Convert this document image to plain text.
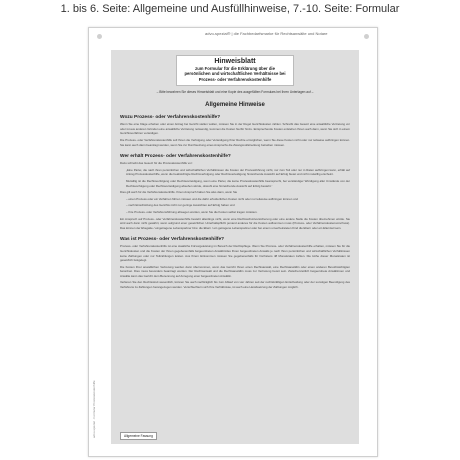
1. bis 6. Seite: Allgemeine und Ausfüllhinweise, 7.-10. Seite: Formular
advo-spezial® | die Fachbedarfsmarke für Rechtsanwälte und Notare
advo-spezial · Formular Prozesskostenhilfe
Hinweisblatt
zum Formular für die Erklärung über die
persönlichen und wirtschaftlichen Verhältnisse bei
Prozess- oder Verfahrenskostenhilfe
– Bitte bewahren Sie dieses Hinweisblatt und eine Kopie des ausgefüllten Formulars bei Ihren Unterlagen auf –
Allgemeine Hinweise
Wozu Prozess- oder Verfahrenskostenhilfe?

Wenn Sie eine Klage erheben oder einen Antrag bei Gericht stellen wollen, müssen Sie in der Regel Gerichtskosten zahlen. Schreibt das Gesetz eine anwaltliche Vertretung vor oder ist aus anderen Gründen eine anwaltliche Vertretung notwendig, kommen die Kosten hierfür hinzu. Entsprechende Kosten entstehen Ihnen auch dann, wenn Sie sich in einem Gerichtsverfahren verteidigen.

Die Prozess- oder Verfahrenskostenhilfe soll Ihnen die Verfolgung oder Verteidigung Ihrer Rechte ermöglichen, wenn Sie diese Kosten nicht oder nur teilweise aufbringen können. Sie kann auch dann beantragt werden, wenn Sie zur Durchsetzung eines Anspruchs die Zwangsvollstreckung betreiben müssen.

Wer erhält Prozess- oder Verfahrenskostenhilfe?

Dazu schreibt das Gesetz für die Prozesskostenhilfe vor:

„Eine Partei, die nach ihren persönlichen und wirtschaftlichen Verhältnissen die Kosten der Prozessführung nicht, nur zum Teil oder nur in Raten aufbringen kann, erhält auf Antrag Prozesskostenhilfe, wenn die beabsichtigte Rechtsverfolgung oder Rechtsverteidigung hinreichende Aussicht auf Erfolg bietet und nicht mutwillig erscheint.

Mutwillig ist die Rechtsverfolgung oder Rechtsverteidigung, wenn eine Partei, die keine Prozesskostenhilfe beansprucht, bei verständiger Würdigung aller Umstände von der Rechtsverfolgung oder Rechtsverteidigung absehen würde, obwohl eine hinreichende Aussicht auf Erfolg besteht.“

Dies gilt auch für die Verfahrenskostenhilfe. Ihnen Anspruch haben Sie also dann, wenn Sie

– einen Prozess oder ein Verfahren führen müssen und die dafür erforderlichen Kosten nicht oder nur teilweise aufbringen können und

– nach Einschätzung des Gerichts nicht nur geringe Aussichten auf Erfolg haben und

– Ihre Prozess- oder Verfahrensführung abwegen wurden, wenn Sie die Kosten selbst tragen müssten.

Ein Anspruch auf Prozess- oder Verfahrenskostenhilfe besteht allerdings nicht, wenn eine Rechtsschutzversicherung oder eine andere Stelle die Kosten übernehmen würde. Sie wird auch dann nicht gewährt, wenn aufgrund einer gesetzlichen Unterhaltspflicht jemand anderes für die Kosten aufkommen muss (Prozess- oder Verfahrenskostenvorschuss). Das können der Ehegatte / eingetragene Lebenspartner bzw. die Eltern / ein getragene Lebenspartner oder bei einem unverheirateten Kind die Eltern oder ein Elternteil sein.

Was ist Prozess- oder Verfahrenskostenhilfe?

Prozess- oder Verfahrenskostenhilfe ist eine staatliche Fürsorgeleistung im Bereich der Rechtspflege. Wenn Sie Prozess- oder Verfahrenskostenhilfe erhalten, müssen Sie für die Gerichtskosten und die Kosten der Ihnen gegebenenfalls beigeordneten Anwältin/des Ihnen beigeordneten Anwalts je nach Ihren persönlichen und wirtschaftlichen Verhältnissen keine Zahlungen oder nur Teilzahlungen leisten. Aus Ihrem Einkommen müssen Sie gegebenenfalls für höchstens 48 Monatsraten zahlen. Die Höhe dieser Monatsraten ist gesetzlich festgelegt.

Die Kosten Ihrer anwaltlichen Vertretung werden dann übernommen, wenn das Gericht Ihnen einen Rechtsanwalt, eine Rechtsanwältin oder einen anderen Bevollmächtigten beiordnet. Dies muss besonders beantragt werden. Der Rechtsanwalt und die Rechtsanwältin muss zur Vertretung bereit sein. Zwischenzeitlich beigeordnete Anwältinnen und Anwälte kann das Gericht dem Benennung auf Anregung einer beigeordneten Anwältin.

Verlieren Sie den Rechtsstreit wesentlich, können Sie auch nachträglich bis zum Ablauf von vier Jahren seit der rechtskräftigen Entscheidung oder der sonstigen Beendigung des Verfahrens zu Zahlungen herangezogen werden. Verschlechtern sich Ihre Verhältnisse, ist auch eine Herabsetzung der Zahlungen möglich.

Allgemeine Fassung
